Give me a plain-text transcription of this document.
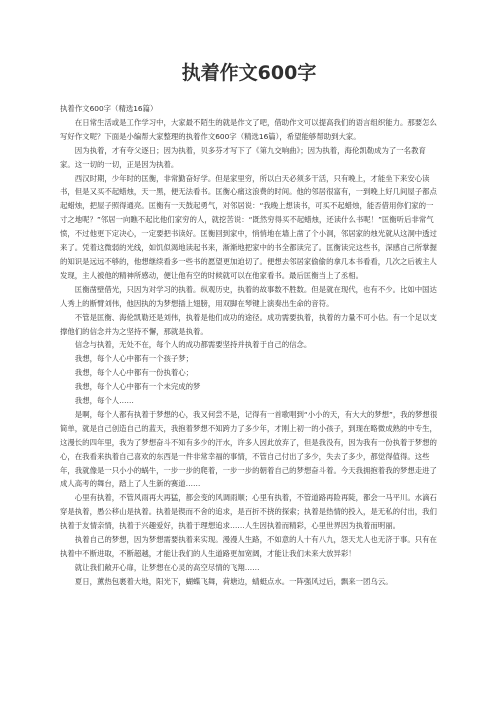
执着作文600字

执着作文600字（精选16篇）

在日常生活或是工作学习中，大家最不陌生的就是作文了吧，借助作文可以提高我们的语言组织能力。那要怎么写好作文呢？下面是小编帮大家整理的执着作文600字（精选16篇），希望能够帮助到大家。

因为执着，才有夸父逐日；因为执着，贝多芬才写下了《第九交响曲》；因为执着，海伦凯勒成为了一名教育家。这一切的一切，正是因为执着。

西汉时期，少年时的匡衡，非常勤奋好学。但是家里穷，所以白天必须多干活，只有晚上，才能坐下来安心读书，但是又买不起蜡烛，天一黑，便无法看书。匡衡心痛这浪费的时间。他的邻居很富有，一到晚上好几间屋子都点起蜡烛，把屋子照得通亮。匡衡有一天鼓起勇气，对邻居说：“我晚上想读书，可买不起蜡烛，能否借用你们家的一寸之地呢？”邻居一向瞧不起比他们家穷的人，就挖苦说：“既然穷得买不起蜡烛，还读什么书呢！”匡衡听后非常气愤，不过他更下定决心，一定要把书读好。匡衡回到家中，悄悄地在墙上凿了个小洞，邻居家的烛光就从这洞中透过来了。凭着这微弱的光线，如饥似渴地读起书来，渐渐地把家中的书全都读完了。匡衡读完这些书，深感自己所掌握的知识是远远不够的，他想继续看多一些书的愿望更加迫切了。便想去邻居家偷偷的拿几本书看看，几次之后被主人发现，主人被他的精神所感动，便让他有空的时候就可以在他家看书。最后匡衡当上了丞相。

匡衡凿壁借光，只因为对学习的执着。纵观历史，执着的故事数不胜数。但是就在现代，也有不少。比如中国达人秀上的断臂刘伟，他因执的为梦想插上翅膀，用双脚在琴键上演奏出生命的音符。

不管是匡衡、海伦凯勒还是刘伟，执着是他们成功的途径。成功需要执着，执着的力量不可小估。有一个足以支撑他们的信念并为之坚持不懈，那就是执着。

信念与执着，无处不在，每个人的成功都需要坚持并执着于自己的信念。

我想，每个人心中都有一个孩子梦；

我想，每个人心中都有一份执着心；

我想，每个人心中都有一个未完成的梦

我想，每个人……

是啊，每个人都有执着于梦想的心，我又何尝不是，记得有一首歌唱到“小小的天，有大大的梦想”，我的梦想很简单，就是自己创造自己的蓝天，我抱着梦想不知跨力了多少年，才刚上初一的小孩子，到现在略微成熟的中专生，这漫长的四年里，我为了梦想奋斗不知有多少的汗水，许多人因此放弃了，但是我没有，因为我有一份执着于梦想的心，在我看来执着自己喜欢的东西是一件非常幸福的事情，不管自己付出了多少，失去了多少，都觉得值得。这些年，我就像是一只小小的蜗牛，一步一步的爬着，一步一步的朝着自己的梦想奋斗着。今天我拥抱着我的梦想走进了成人高考的舞台，踏上了人生新的赛道……

心里有执着，不管风雨再大再猛，都会变的风调雨顺；心里有执着，不管道路再险再陡，都会一马平川。水滴石穿是执着，愚公移山是执着。执着是锲而不舍的追求，是百折不挠的探索；执着是热情的投入，是无私的付出，我们执着于友情亲情，执着于兴趣爱好，执着于理想追求……人生因执着而精彩，心里世界因为执着而明丽。

执着自己的梦想，因为梦想需要执着来实现。漫漫人生路，不如意的人十有八九，怨天尤人也无济于事。只有在执着中不断进取，不断超越，才能让我们的人生道路更加宽阔，才能让我们未来大放异彩！

就让我们敞开心扉，让梦想在心灵的高空尽情的飞翔……

夏日，薰热包裹着大地，阳光下，蝴蝶飞舞，荷塘边，蜻蜓点水。一阵强风过后，飘来一团乌云。
